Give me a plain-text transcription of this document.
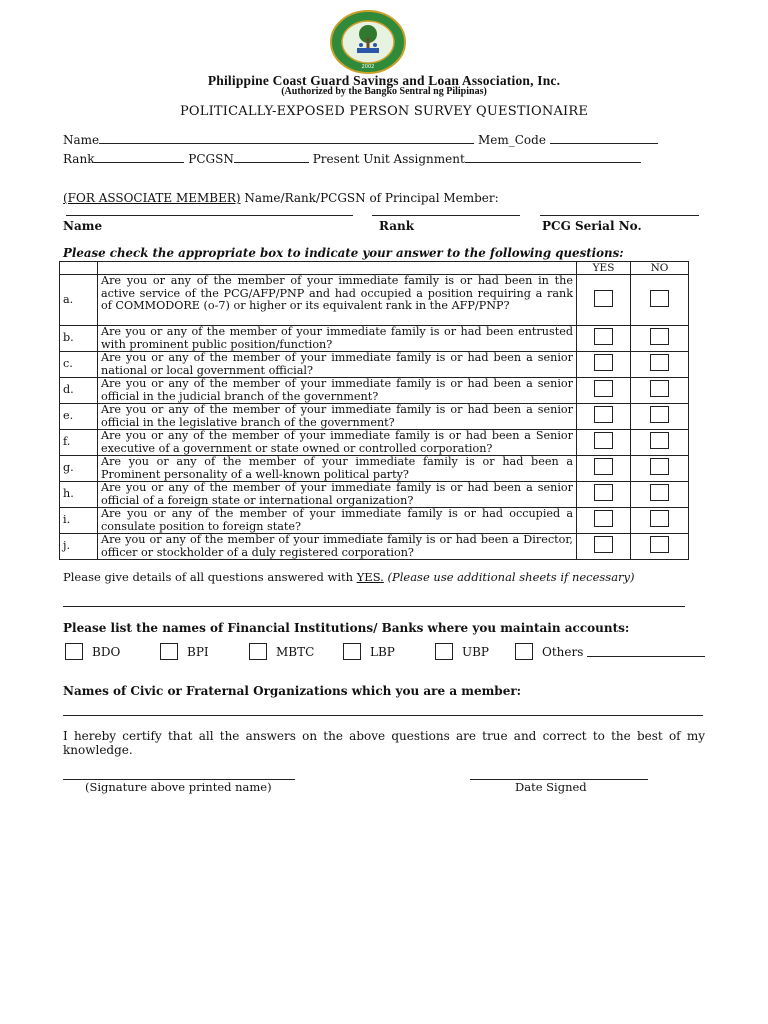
2002
Philippine Coast Guard Savings and Loan Association, Inc.
(Authorized by the Bangko Sentral ng Pilipinas)
POLITICALLY-EXPOSED PERSON SURVEY QUESTIONAIRE
Name	Mem_Code
Rank	PCGSN	Present Unit Assignment
(FOR ASSOCIATE MEMBER) Name/Rank/PCGSN of Principal Member:
Name	Rank	PCG Serial No.
Please check the appropriate box to indicate your answer to the following questions:
		YES	NO
a.	Are you or any of the member of your immediate family is or had been in the active service of the PCG/AFP/PNP and had occupied a position requiring a rank of COMMODORE (o-7) or higher or its equivalent rank in the AFP/PNP?		
b.	Are you or any of the member of your immediate family is or had been entrusted with prominent public position/function?		
c.	Are you or any of the member of your immediate family is or had been a senior national or local government official?		
d.	Are you or any of the member of your immediate family is or had been a senior official in the judicial branch of the government?		
e.	Are you or any of the member of your immediate family is or had been a senior official in the legislative branch of the government?		
f.	Are you or any of the member of your immediate family is or had been a Senior executive of a government or state owned or controlled corporation?		
g.	Are you or any of the member of your immediate family is or had been a Prominent personality of a well-known political party?		
h.	Are you or any of the member of your immediate family is or had been a senior official of a foreign state or international organization?		
i.	Are you or any of the member of your immediate family is or had occupied a consulate position to foreign state?		
j.	Are you or any of the member of your immediate family is or had been a Director, officer or stockholder of a duly registered corporation?		
Please give details of all questions answered with YES. (Please use additional sheets if necessary)
Please list the names of Financial Institutions/ Banks where you maintain accounts:
BDO	BPI	MBTC	LBP	UBP	Others
Names of Civic or Fraternal Organizations which you are a member:
I hereby certify that all the answers on the above questions are true and correct to the best of my knowledge.
(Signature above printed name)	Date Signed
